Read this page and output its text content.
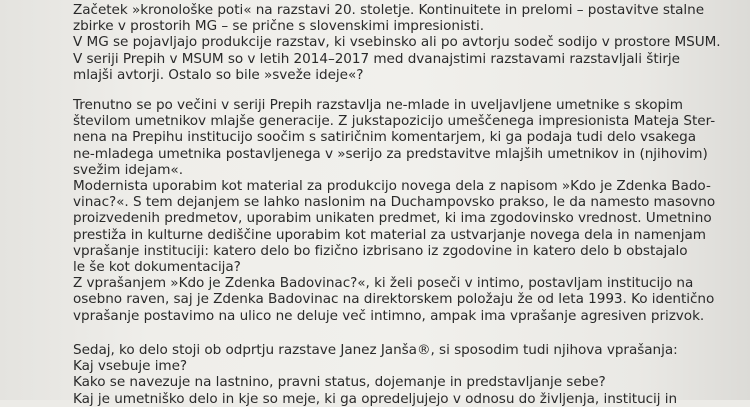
Začetek »kronološke poti« na razstavi 20. stoletje. Kontinuitete in prelomi – postavitve stalne
zbirke v prostorih MG – se prične s slovenskimi impresionisti.
V MG se pojavljajo produkcije razstav, ki vsebinsko ali po avtorju sodeč sodijo v prostore MSUM.
V seriji Prepih v MSUM so v letih 2014–2017 med dvanajstimi razstavami razstavljali štirje
mlajši avtorji. Ostalo so bile »sveže ideje«?
Trenutno se po večini v seriji Prepih razstavlja ne-mlade in uveljavljene umetnike s skopim
številom umetnikov mlajše generacije. Z jukstapozicijo umeščenega impresionista Mateja Ster-
nena na Prepihu institucijo soočim s satiričnim komentarjem, ki ga podaja tudi delo vsakega
ne-mladega umetnika postavljenega v »serijo za predstavitve mlajših umetnikov in (njihovim)
svežim idejam«.
Modernista uporabim kot material za produkcijo novega dela z napisom »Kdo je Zdenka Bado-
vinac?«. S tem dejanjem se lahko naslonim na Duchampovsko prakso, le da namesto masovno
proizvedenih predmetov, uporabim unikaten predmet, ki ima zgodovinsko vrednost. Umetnino
prestiža in kulturne dediščine uporabim kot material za ustvarjanje novega dela in namenjam
vprašanje instituciji: katero delo bo fizično izbrisano iz zgodovine in katero delo b obstajalo
le še kot dokumentacija?
Z vprašanjem »Kdo je Zdenka Badovinac?«, ki želi poseči v intimo, postavljam institucijo na
osebno raven, saj je Zdenka Badovinac na direktorskem položaju že od leta 1993. Ko identično
vprašanje postavimo na ulico ne deluje več intimno, ampak ima vprašanje agresiven prizvok.
Sedaj, ko delo stoji ob odprtju razstave Janez Janša®, si sposodim tudi njihova vprašanja:
Kaj vsebuje ime?
Kako se navezuje na lastnino, pravni status, dojemanje in predstavljanje sebe?
Kaj je umetniško delo in kje so meje, ki ga opredeljujejo v odnosu do življenja, institucij in
